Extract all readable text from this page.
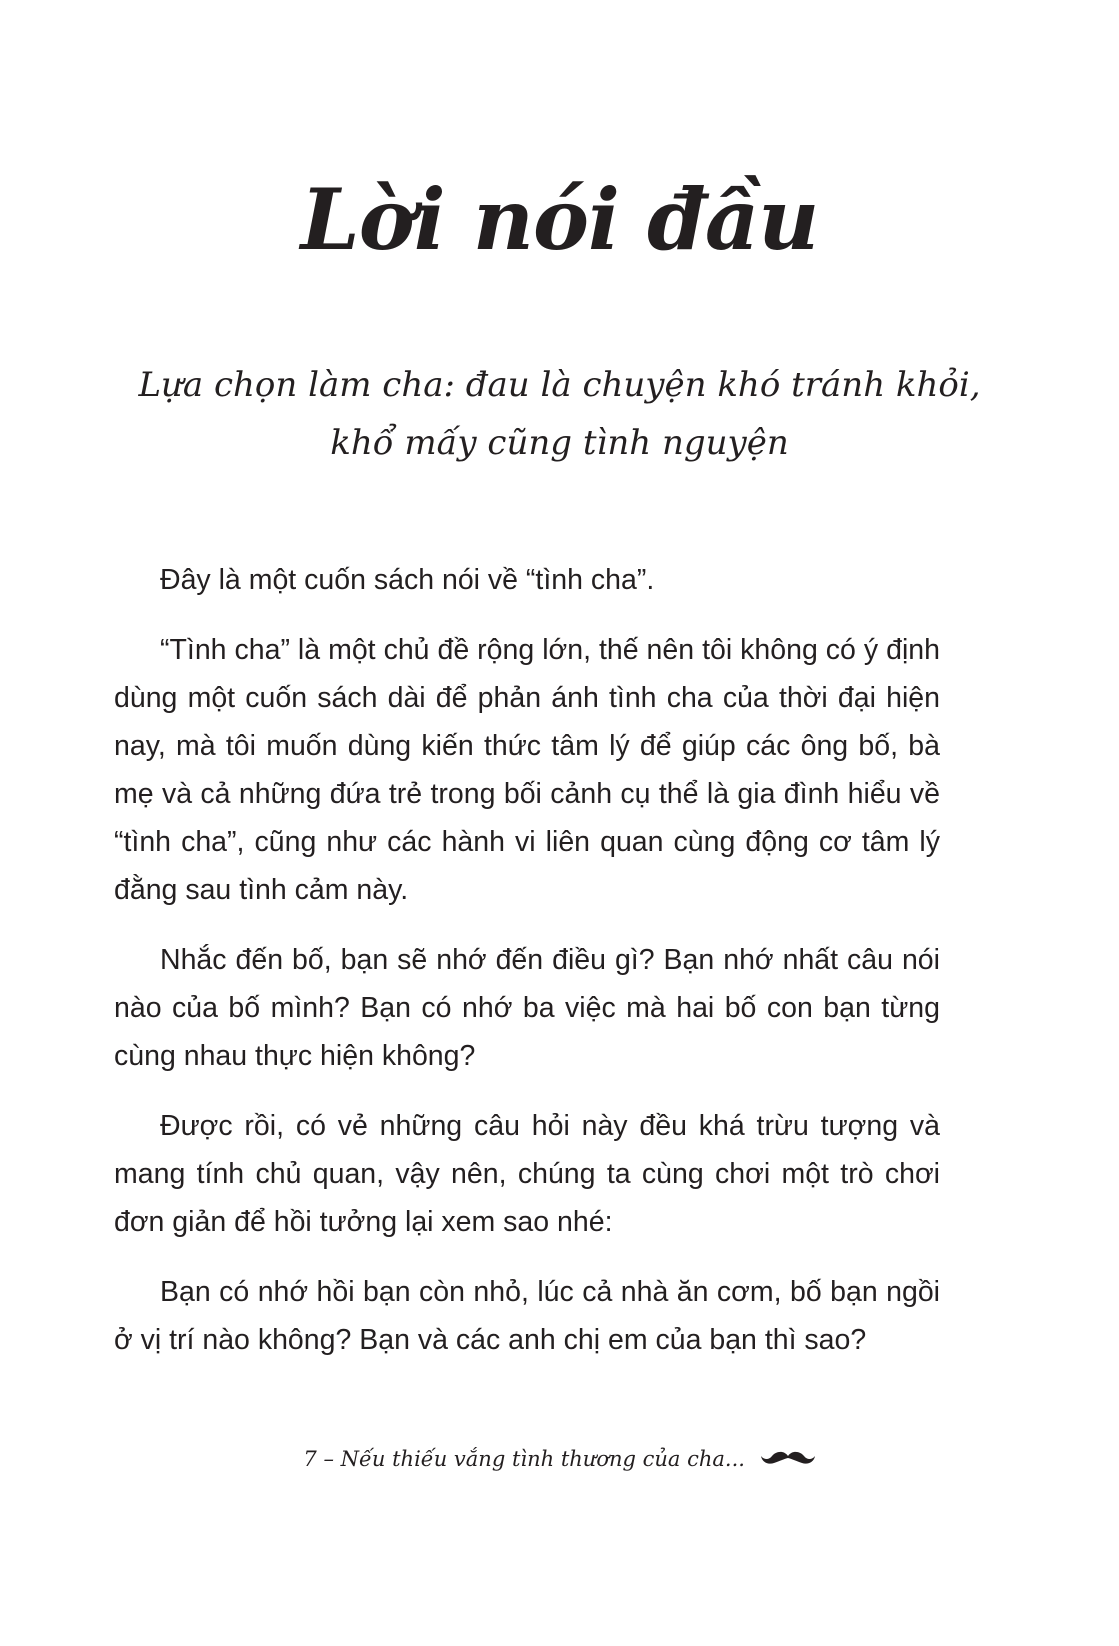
Lời nói đầu
Lựa chọn làm cha: đau là chuyện khó tránh khỏi,
khổ mấy cũng tình nguyện

Đây là một cuốn sách nói về “tình cha”.

“Tình cha” là một chủ đề rộng lớn, thế nên tôi không có ý định dùng một cuốn sách dài để phản ánh tình cha của thời đại hiện nay, mà tôi muốn dùng kiến thức tâm lý để giúp các ông bố, bà mẹ và cả những đứa trẻ trong bối cảnh cụ thể là gia đình hiểu về “tình cha”, cũng như các hành vi liên quan cùng động cơ tâm lý đằng sau tình cảm này.

Nhắc đến bố, bạn sẽ nhớ đến điều gì? Bạn nhớ nhất câu nói nào của bố mình? Bạn có nhớ ba việc mà hai bố con bạn từng cùng nhau thực hiện không?

Được rồi, có vẻ những câu hỏi này đều khá trừu tượng và mang tính chủ quan, vậy nên, chúng ta cùng chơi một trò chơi đơn giản để hồi tưởng lại xem sao nhé:

Bạn có nhớ hồi bạn còn nhỏ, lúc cả nhà ăn cơm, bố bạn ngồi ở vị trí nào không? Bạn và các anh chị em của bạn thì sao?

7 – Nếu thiếu vắng tình thương của cha...
